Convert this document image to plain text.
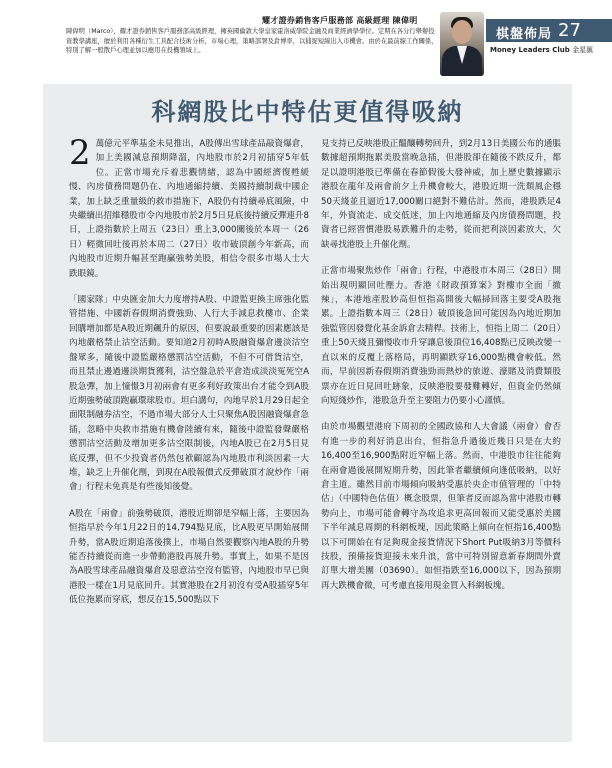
耀才證券銷售客戶服務部 高級經理 陳偉明
陳偉明（Marco），耀才證券銷售客戶服務部高級經理，擁英國倫敦大學皇家霍洛威學院金融及商業經濟學學位。定期在各分行舉辦投資教學講座，擅於利用各種衍生工具配合技術分析，市場心理，策略部署及倉博率，以捕捉短線出入市機會。由於在最前線工作關係，特別了解一般散戶心理並加以應用在投機領域上。
棋盤佈局 27
Money Leaders Club 金星匯
科網股比中特估更值得吸納

2 萬億元平準基金未見推出，A股傳出雪球產品敲資爆倉，加上美國減息預期降溫，內地股市於2月初插穿5年低位。正當市場充斥着悲觀情緒，認為中國經濟復甦緩慢、內房債務問題仍在、內地通縮持續、美國持續制裁中國企業，加上缺乏重量級的救市措施下，A股仍有持續尋底風險，中央繼續出招維穩股市令內地股市於2月5日見底後持續反彈連升8日，上證指數於上周五（23日）重上3,000關後於本周一（26日）輕微回吐後再於本周二（27日）收市破頂創今年新高，而內地股市近期升幅甚至跑贏強勢美股，相信令很多市場人士大跌眼鏡。

「國家隊」中央匯金加大力度增持A股、中證監更換主席強化監管措施、中國新春假期消費強勁、人行大手減息救樓市、企業回購增加都是A股近期飆升的原因，但要說最重要的因素應該是內地嚴格禁止沽空活動。要知道2月初時A股融資爆倉邊淡沽空盤眾多，隨後中證監嚴格懲罰沽空活動，不但不可借貨沽空，而且禁止邊過邊淡期貨獲利，沽空盤急於平倉造成淡淡冤死空A股急彈，加上憧憬3月初兩會有更多利好政策出台才能令到A股近期強勢破頂跑贏環球股市。坦白講句，內地早於1月29日起全面限制融券沽空，不過市場大部分人士只聚焦A股因融資爆倉急插，忽略中央救市措施有機會陸續有來，隨後中證監發聲嚴格懲罰沽空活動及增加更多沽空限制後，內地A股已在2月5日見底反彈，但不少投資者仍然包袱顧認為內地股市利淡因素一大堆，缺乏上升催化劑，到現在A股報價式反彈破頂才說炒作「兩會」行程未免真是有些後知後覺。

A股在「兩會」前強勢破頂，港股近期卻是窄幅上落，主要因為恒指早於今年1月22日的14,794點見底，比A股更早開始展開升勢，當A股近期追落後撲上，市場自然要觀察內地A股的升勢能否持續從而進一步帶動港股再展升勢。事實上，如果不是因為A股雪球產品融資爆倉及惡意沽空沒有監管，內地股市早已與港股一樣在1月見底回升。其實港股在2月初沒有受A股插穿5年低位拖累而穿底，想反在15,500點以下

見支持已反映港股正醞釀轉勢回升，到2月13日美國公布的通脹數據超預期拖累美股當晚急插，但港股卻在隨後不跌反升，都足以證明港股已準備在春節假後大發神威，加上歷史數據顯示港股在龍年及兩會前夕上升機會較大，港股近期一洗頹風企穩50天綫並且逼近17,000關口絕對不難估計。然而，港股跌足4年，外資流走、成交低迷，加上內地通縮及內房債務問題，投資者已經習慣港股易跌難升的走勢，從而把利淡因素放大，欠缺尋找港股上升催化劑。

正當市場聚焦炒作「兩會」行程，中港股市本周三（28日）開始出現明顯回吐壓力。香港《財政預算案》對樓市全面「撤辣」，本港地產股妙高但恒指高開後大幅掃回落主要受A股拖累。上證指數本周三（28日）破頂後急回可能因為內地近期加強監管因發覺化基金訴倉去精桿。技術上，恒指上周二（20日）重上50天綫且彌慢收市升穿讓息後頂位16,408點已反映改變一直以來的反覆上落格局，再明顯跌穿16,000點機會較低。然而，早前因新春假期消費強勁而熱炒的旅遊、濠賭及消費類股票亦在近日見回吐跡象，反映港股要發難轉好，但資金仍然傾向短綫炒作，港股急升至主要阻力仍要小心謹慎。

由於市場觀望港府下周初的全國政協和人大會議（兩會）會否有進一步的利好消息出台，恒指急升過後近幾日只是在大約16,400至16,900點附近窄幅上落。然而，中港股市往往能夠在兩會過後展開短期升勢，因此筆者繼續傾向逢低吸納，以好倉主道。雖然目前市場傾向吸納受惠於央企市值管理的「中特估」（中國特色估值）概念股票，但筆者反而認為當中港股市轉勢向上，市場可能會轉守為攻追求更高回報而又能受惠於美國下半年減息周期的科網板塊，因此策略上傾向在恒指16,400點以下可開始在有足夠現金接貨情況下Short Put吸納3月等價科技股，預備接貨迎接未來升浪，當中可特別留意新春期間外賣訂單大增美團（03690）。如恒指跌至16,000以下，因為預期再大跌機會微，可考慮直接用現金買入科網板塊。
